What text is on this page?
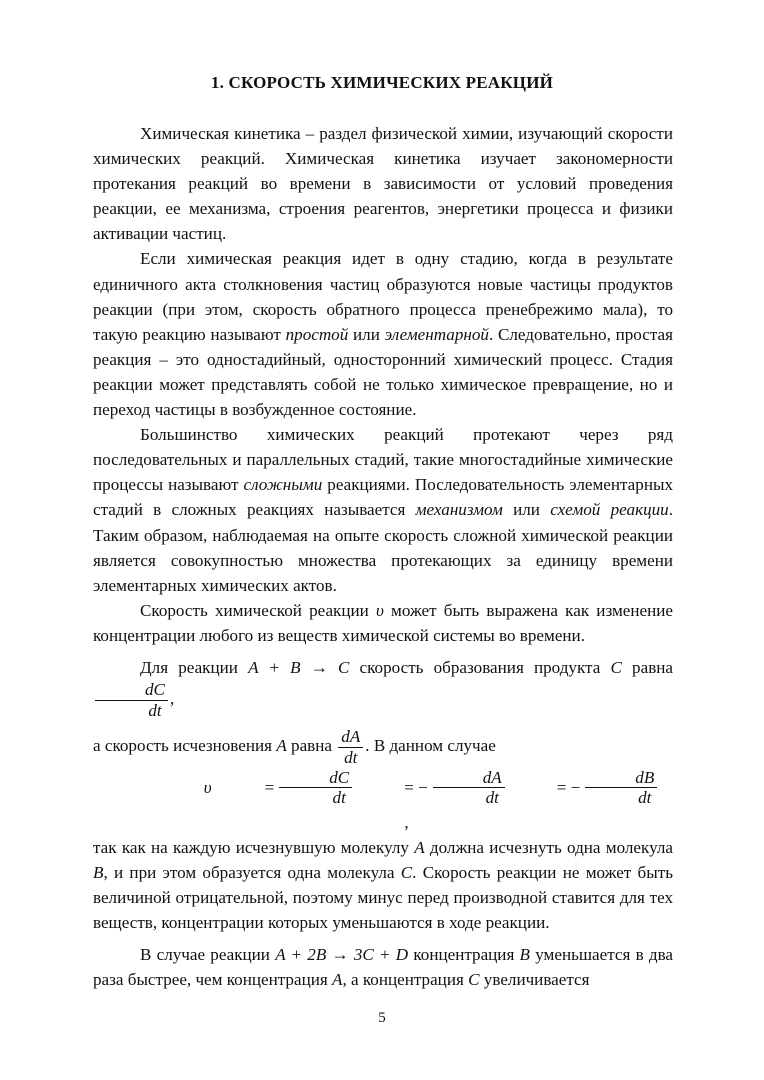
1. СКОРОСТЬ ХИМИЧЕСКИХ РЕАКЦИЙ

Химическая кинетика – раздел физической химии, изучающий скорости химических реакций. Химическая кинетика изучает закономерности протекания реакций во времени в зависимости от условий проведения реакции, ее механизма, строения реагентов, энергетики процесса и физики активации частиц.

Если химическая реакция идет в одну стадию, когда в результате единичного акта столкновения частиц образуются новые частицы продуктов реакции (при этом, скорость обратного процесса пренебрежимо мала), то такую реакцию называют простой или элементарной. Следовательно, простая реакция – это одностадийный, односторонний химический процесс. Стадия реакции может представлять собой не только химическое превращение, но и переход частицы в возбужденное состояние.

Большинство химических реакций протекают через ряд последовательных и параллельных стадий, такие многостадийные химические процессы называют сложными реакциями. Последовательность элементарных стадий в сложных реакциях называется механизмом или схемой реакции. Таким образом, наблюдаемая на опыте скорость сложной химической реакции является совокупностью множества протекающих за единицу времени элементарных химических актов.

Скорость химической реакции υ может быть выражена как изменение концентрации любого из веществ химической системы во времени.

Для реакции A + B → C скорость образования продукта C равна
$\frac{dC}{dt}$ ,

а скорость исчезновения A равна $\frac{dA}{dt}$ . В данном случае

υ	= $\frac{dC}{dt}$	= − $\frac{dA}{dt}$	= − $\frac{dB}{dt}$
,

так как на каждую исчезнувшую молекулу A должна исчезнуть одна молекула B, и при этом образуется одна молекула C. Скорость реакции не может быть величиной отрицательной, поэтому минус перед производной ставится для тех веществ, концентрации которых уменьшаются в ходе реакции.

В случае реакции A + 2B → 3C + D концентрация B уменьшается в два раза быстрее, чем концентрация A, а концентрация C увеличивается

5
